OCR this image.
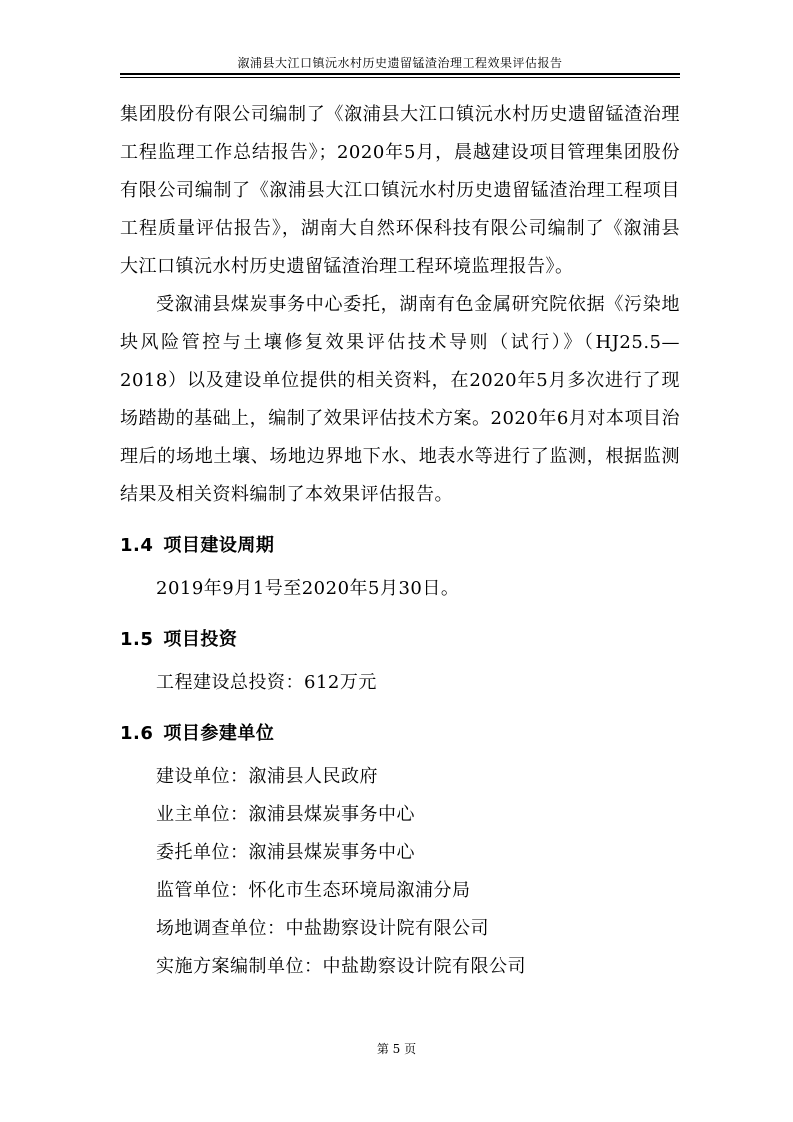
溆浦县大江口镇沅水村历史遗留锰渣治理工程效果评估报告

集团股份有限公司编制了《溆浦县大江口镇沅水村历史遗留锰渣治理工程监理工作总结报告》；2020年5月，晨越建设项目管理集团股份有限公司编制了《溆浦县大江口镇沅水村历史遗留锰渣治理工程项目工程质量评估报告》，湖南大自然环保科技有限公司编制了《溆浦县大江口镇沅水村历史遗留锰渣治理工程环境监理报告》。

受溆浦县煤炭事务中心委托，湖南有色金属研究院依据《污染地块风险管控与土壤修复效果评估技术导则（试行）》（HJ25.5—2018）以及建设单位提供的相关资料，在2020年5月多次进行了现场踏勘的基础上，编制了效果评估技术方案。2020年6月对本项目治理后的场地土壤、场地边界地下水、地表水等进行了监测，根据监测结果及相关资料编制了本效果评估报告。

1.4 项目建设周期

2019年9月1号至2020年5月30日。

1.5 项目投资

工程建设总投资：612万元

1.6 项目参建单位

建设单位：溆浦县人民政府

业主单位：溆浦县煤炭事务中心

委托单位：溆浦县煤炭事务中心

监管单位：怀化市生态环境局溆浦分局

场地调查单位：中盐勘察设计院有限公司

实施方案编制单位：中盐勘察设计院有限公司

第 5 页
